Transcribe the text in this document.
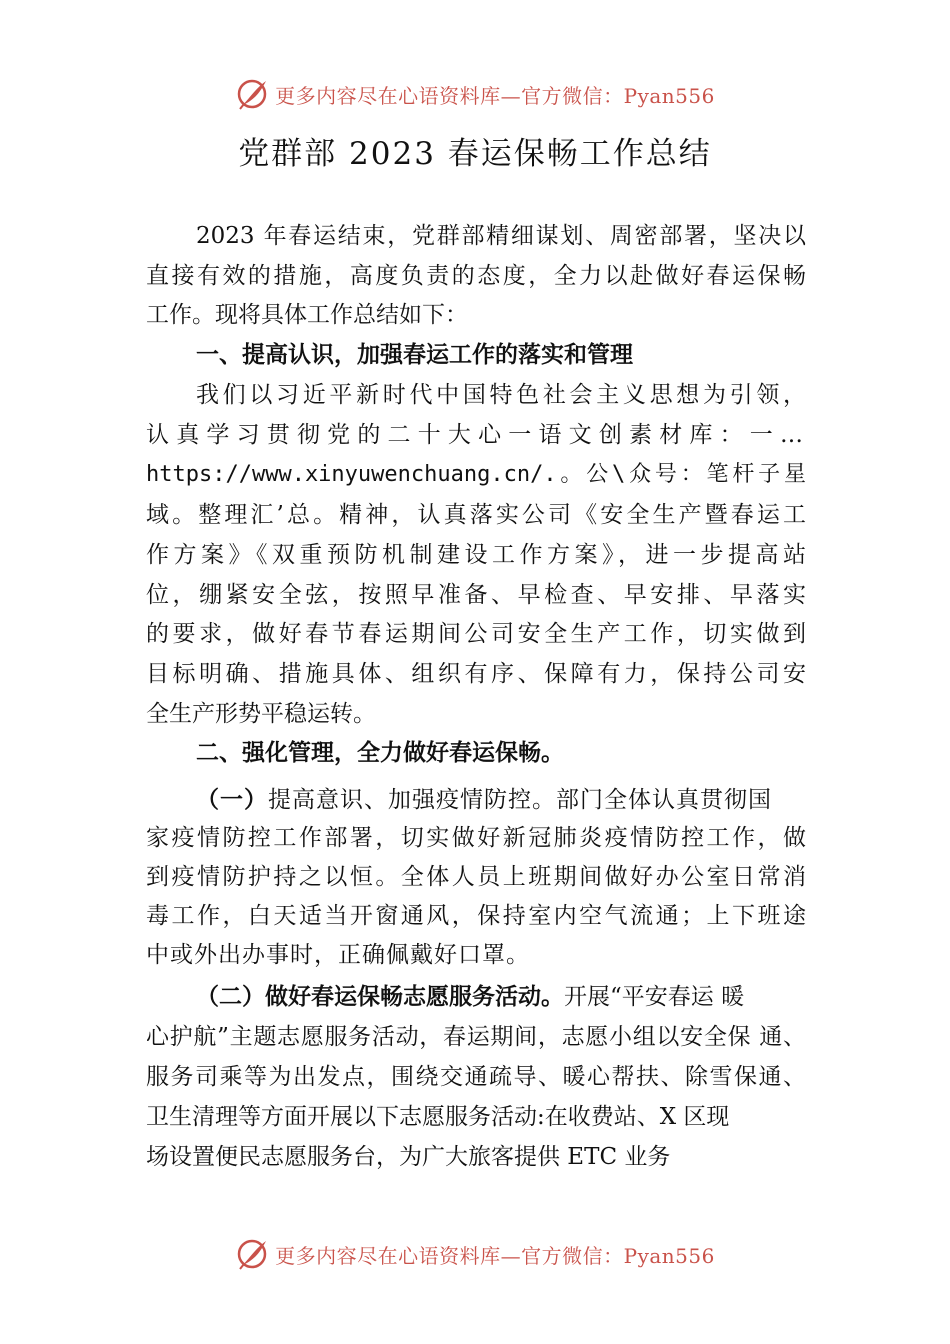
更多内容尽在心语资料库—官方微信：Pyan556
党群部 2023 春运保畅工作总结
2023 年春运结束，党群部精细谋划、周密部署，坚决以
直接有效的措施，高度负责的态度，全力以赴做好春运保畅
工作。现将具体工作总结如下：
一、提高认识，加强春运工作的落实和管理
我们以习近平新时代中国特色社会主义思想为引领，
认真学习贯彻党的二十大心一语文创素材库：一…
https://www.xinyuwenchuang.cn/.。公\众号：笔杆子星
域。整理汇’总。精神，认真落实公司《安全生产暨春运工
作方案》《双重预防机制建设工作方案》，进一步提高站
位，绷紧安全弦，按照早准备、早检查、早安排、早落实
的要求，做好春节春运期间公司安全生产工作，切实做到
目标明确、措施具体、组织有序、保障有力，保持公司安
全生产形势平稳运转。
二、强化管理，全力做好春运保畅。
（一）提高意识、加强疫情防控。部门全体认真贯彻国
家疫情防控工作部署，切实做好新冠肺炎疫情防控工作，做
到疫情防护持之以恒。全体人员上班期间做好办公室日常消
毒工作，白天适当开窗通风，保持室内空气流通；上下班途
中或外出办事时，正确佩戴好口罩。
（二）做好春运保畅志愿服务活动。开展“平安春运 暖
心护航”主题志愿服务活动，春运期间，志愿小组以安全保 通、
服务司乘等为出发点，围绕交通疏导、暖心帮扶、除雪保通、
卫生清理等方面开展以下志愿服务活动:在收费站、X 区现
场设置便民志愿服务台，为广大旅客提供 ETC 业务
更多内容尽在心语资料库—官方微信：Pyan556
